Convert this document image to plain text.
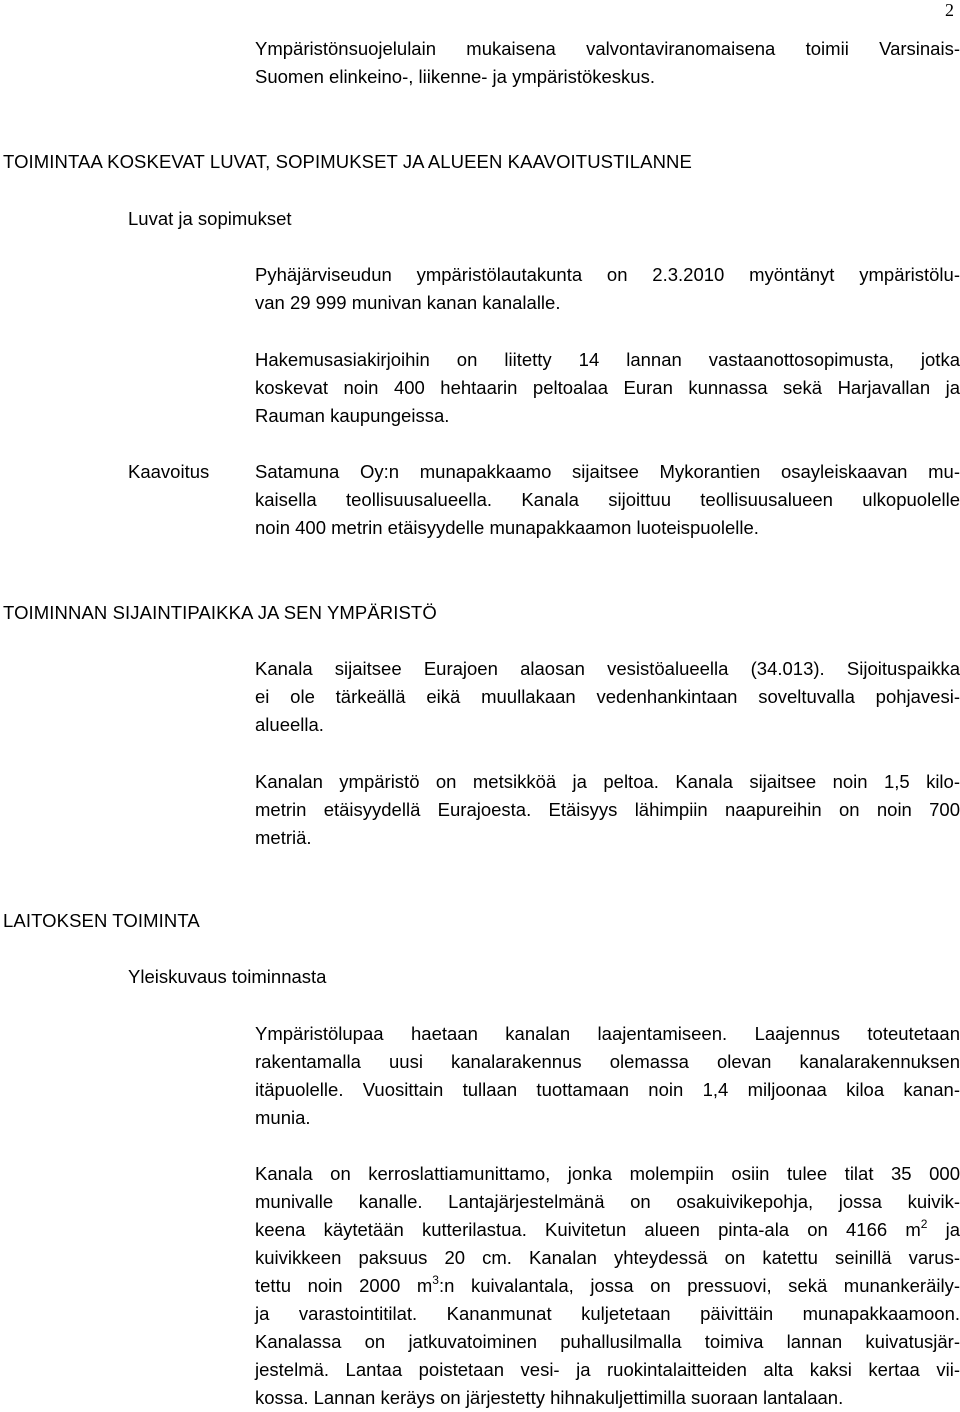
2
Ympäristönsuojelulain mukaisena valvontaviranomaisena toimii Varsinais-
Suomen elinkeino-, liikenne- ja ympäristökeskus.
TOIMINTAA KOSKEVAT LUVAT, SOPIMUKSET JA ALUEEN KAAVOITUSTILANNE
Luvat ja sopimukset
Pyhäjärviseudun ympäristölautakunta on 2.3.2010 myöntänyt ympäristölu-
van 29 999 munivan kanan kanalalle.
Hakemusasiakirjoihin on liitetty 14 lannan vastaanottosopimusta, jotka
koskevat noin 400 hehtaarin peltoalaa Euran kunnassa sekä Harjavallan ja
Rauman kaupungeissa.
Kaavoitus Satamuna Oy:n munapakkaamo sijaitsee Mykorantien osayleiskaavan mu-
kaisella teollisuusalueella. Kanala sijoittuu teollisuusalueen ulkopuolelle
noin 400 metrin etäisyydelle munapakkaamon luoteispuolelle.
TOIMINNAN SIJAINTIPAIKKA JA SEN YMPÄRISTÖ
Kanala sijaitsee Eurajoen alaosan vesistöalueella (34.013). Sijoituspaikka
ei ole tärkeällä eikä muullakaan vedenhankintaan soveltuvalla pohjavesi-
alueella.
Kanalan ympäristö on metsikköä ja peltoa. Kanala sijaitsee noin 1,5 kilo-
metrin etäisyydellä Eurajoesta. Etäisyys lähimpiin naapureihin on noin 700
metriä.
LAITOKSEN TOIMINTA
Yleiskuvaus toiminnasta
Ympäristölupaa haetaan kanalan laajentamiseen. Laajennus toteutetaan
rakentamalla uusi kanalarakennus olemassa olevan kanalarakennuksen
itäpuolelle. Vuosittain tullaan tuottamaan noin 1,4 miljoonaa kiloa kanan-
munia.
Kanala on kerroslattiamunittamo, jonka molempiin osiin tulee tilat 35 000
munivalle kanalle. Lantajärjestelmänä on osakuivikepohja, jossa kuivik-
keena käytetään kutterilastua. Kuivitetun alueen pinta-ala on 4166 $m^2$ ja
kuivikkeen paksuus 20 cm. Kanalan yhteydessä on katettu seinillä varus-
tettu noin 2000 $m^3:n$ kuivalantala, jossa on pressuovi, sekä munankeräily-
ja varastointitilat. Kananmunat kuljetetaan päivittäin munapakkaamoon.
Kanalassa on jatkuvatoiminen puhallusilmalla toimiva lannan kuivatusjär-
jestelmä. Lantaa poistetaan vesi- ja ruokintalaitteiden alta kaksi kertaa vii-
kossa. Lannan keräys on järjestetty hihnakuljettimilla suoraan lantalaan.
